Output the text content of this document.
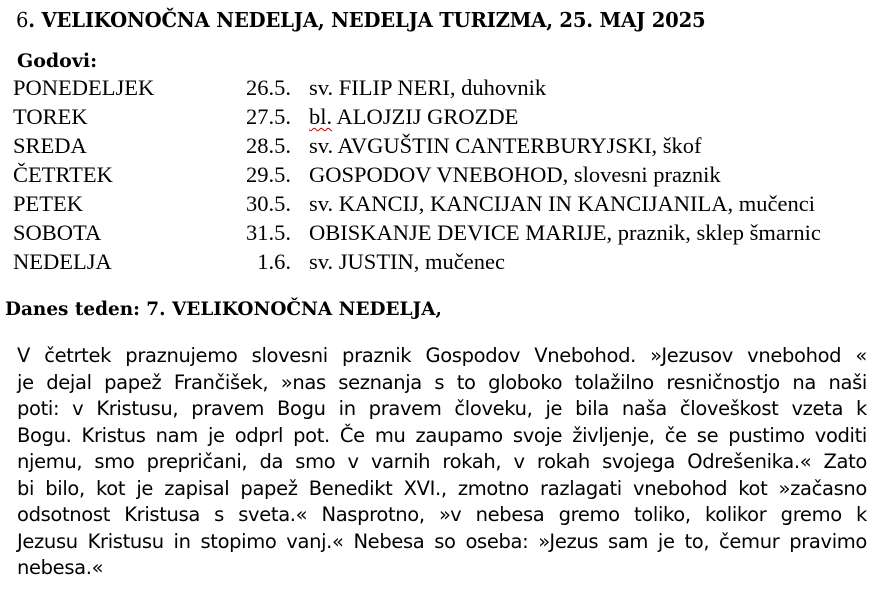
6. VELIKONOČNA NEDELJA, NEDELJA TURIZMA, 25. MAJ 2025
Godovi:
PONEDELJEK	26.5. sv. FILIP NERI, duhovnik
TOREK	27.5. bl. ALOJZIJ GROZDE
SREDA	28.5. sv. AVGUŠTIN CANTERBURYJSKI, škof
ČETRTEK	29.5. GOSPODOV VNEBOHOD, slovesni praznik
PETEK	30.5. sv. KANCIJ, KANCIJAN IN KANCIJANILA, mučenci
SOBOTA	31.5. OBISKANJE DEVICE MARIJE, praznik, sklep šmarnic
NEDELJA	1.6. sv. JUSTIN, mučenec
Danes teden: 7. VELIKONOČNA NEDELJA,
V četrtek praznujemo slovesni praznik Gospodov Vnebohod. »Jezusov vnebohod «
je dejal papež Frančišek, »nas seznanja s to globoko tolažilno resničnostjo na naši
poti: v Kristusu, pravem Bogu in pravem človeku, je bila naša človeškost vzeta k
Bogu. Kristus nam je odprl pot. Če mu zaupamo svoje življenje, če se pustimo voditi
njemu, smo prepričani, da smo v varnih rokah, v rokah svojega Odrešenika.« Zato
bi bilo, kot je zapisal papež Benedikt XVI., zmotno razlagati vnebohod kot »začasno
odsotnost Kristusa s sveta.« Nasprotno, »v nebesa gremo toliko, kolikor gremo k
Jezusu Kristusu in stopimo vanj.« Nebesa so oseba: »Jezus sam je to, čemur pravimo
nebesa.«
